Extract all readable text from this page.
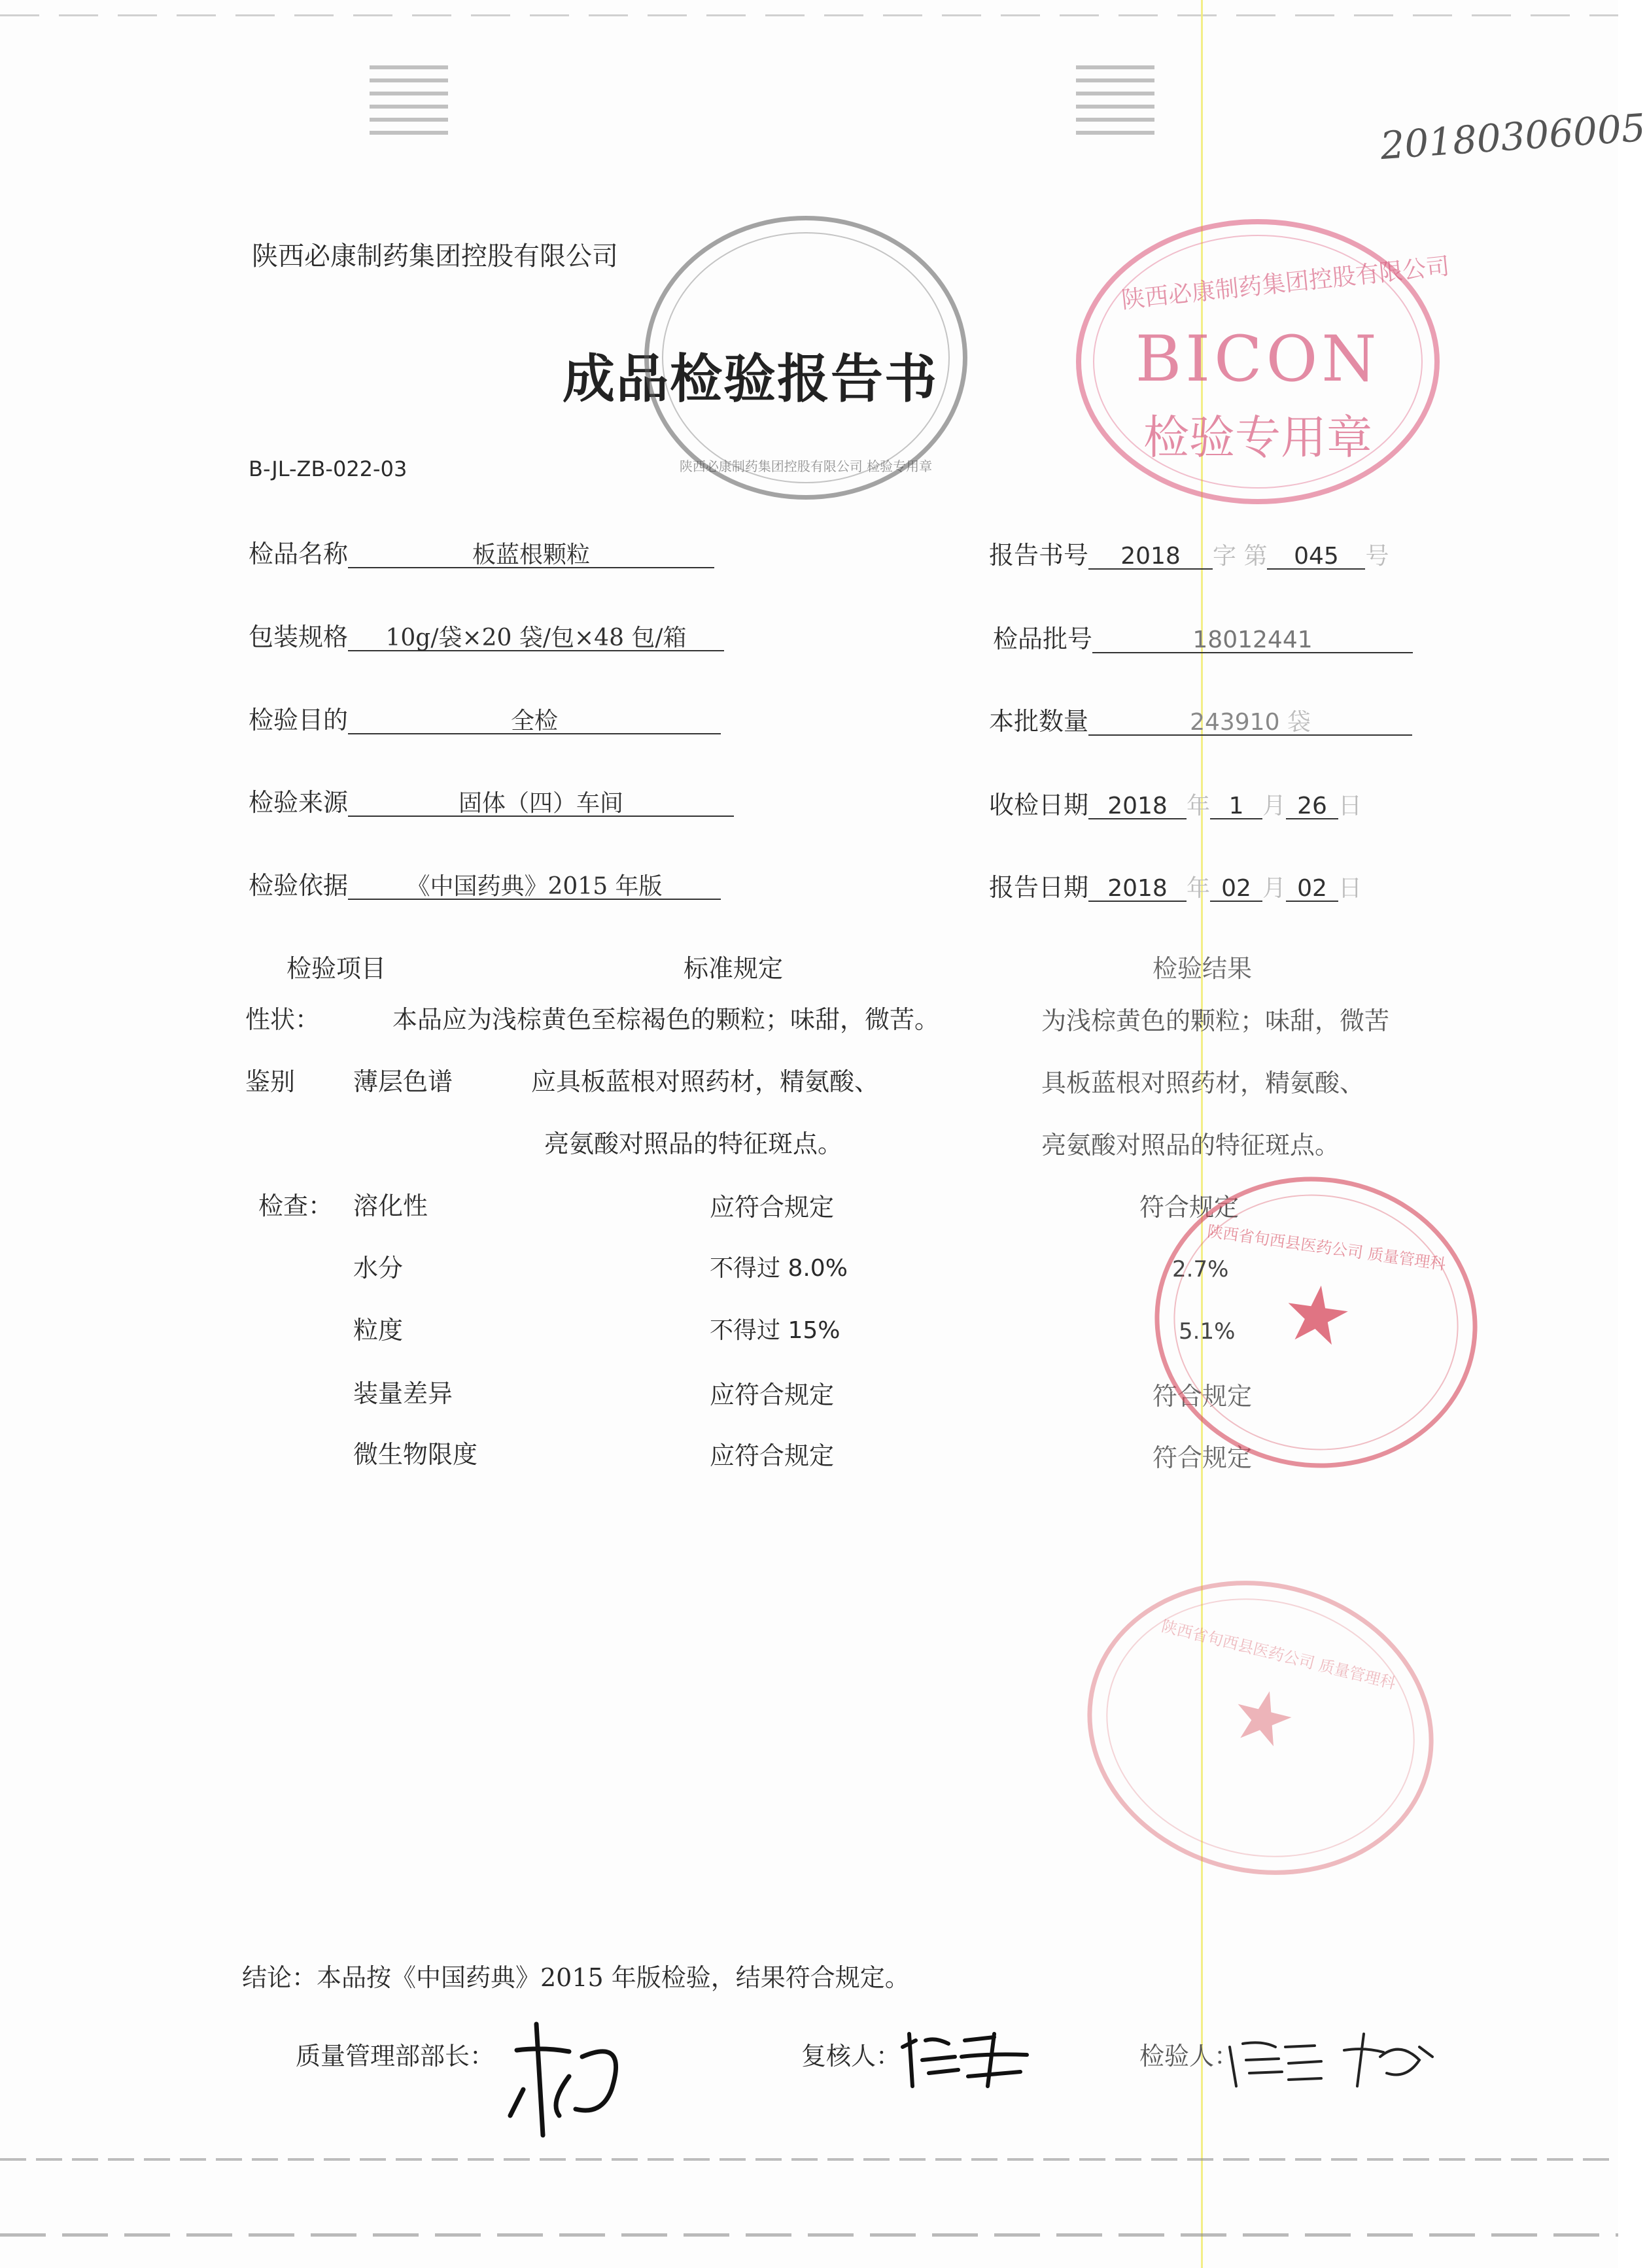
20180306005
陕西必康制药集团控股有限公司
成品检验报告书
B-JL-ZB-022-03	陕西必康制药集团控股有限公司 检验专用章
陕西必康制药集团控股有限公司
BICON
检验专用章
检品名称	板蓝根颗粒
包装规格 10g/袋×20 袋/包×48 包/箱
检验目的	全检
检验来源	固体（四）车间
检验依据 《中国药典》2015 年版
报告书号 2018 字 第 045 号
检品批号	18012441
本批数量	243910 袋
收检日期 2018 年 1 月 26 日
报告日期 2018 年 02 月 02 日
检验项目	标准规定	检验结果
性状：	本品应为浅棕黄色至棕褐色的颗粒；味甜，微苦。	为浅棕黄色的颗粒；味甜，微苦
鉴别 薄层色谱	应具板蓝根对照药材，精氨酸、	具板蓝根对照药材，精氨酸、
亮氨酸对照品的特征斑点。	亮氨酸对照品的特征斑点。
检查： 溶化性	应符合规定	符合规定
水分	不得过 8.0%	2.7%
粒度	不得过 15%	5.1%
装量差异	应符合规定	符合规定
微生物限度	应符合规定	符合规定
★
陕西省旬西县医药公司 质量管理科
★
陕西省旬西县医药公司 质量管理科
结论：本品按《中国药典》2015 年版检验，结果符合规定。
质量管理部部长：	复核人：	检验人：
